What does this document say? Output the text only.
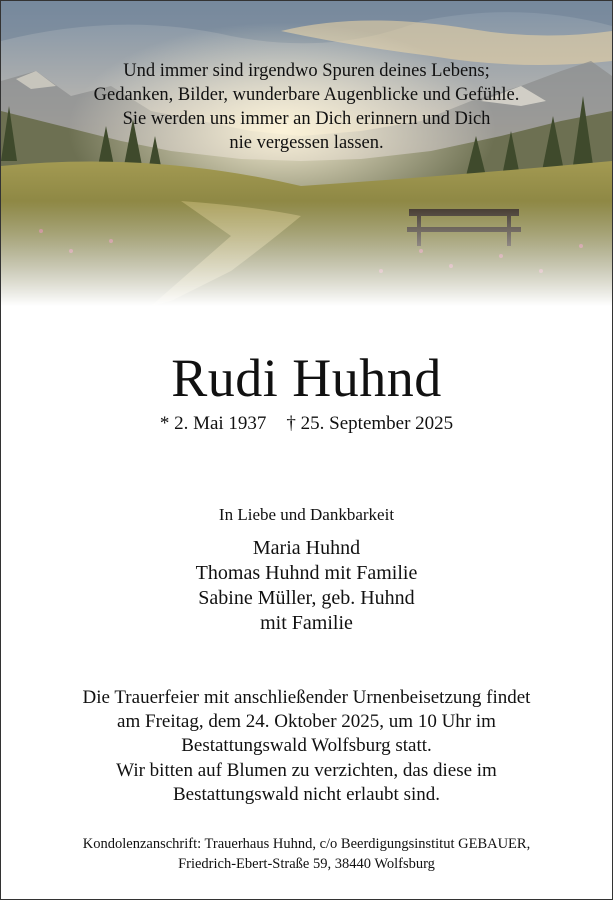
Und immer sind irgendwo Spuren deines Lebens;
Gedanken, Bilder, wunderbare Augenblicke und Gefühle.
Sie werden uns immer an Dich erinnern und Dich
nie vergessen lassen.
Rudi Huhnd
* 2. Mai 1937 † 25. September 2025
In Liebe und Dankbarkeit
Maria Huhnd
Thomas Huhnd mit Familie
Sabine Müller, geb. Huhnd
mit Familie
Die Trauerfeier mit anschließender Urnenbeisetzung findet
am Freitag, dem 24. Oktober 2025, um 10 Uhr im
Bestattungswald Wolfsburg statt.
Wir bitten auf Blumen zu verzichten, das diese im
Bestattungswald nicht erlaubt sind.
Kondolenzanschrift: Trauerhaus Huhnd, c/o Beerdigungsinstitut GEBAUER,
Friedrich-Ebert-Straße 59, 38440 Wolfsburg
